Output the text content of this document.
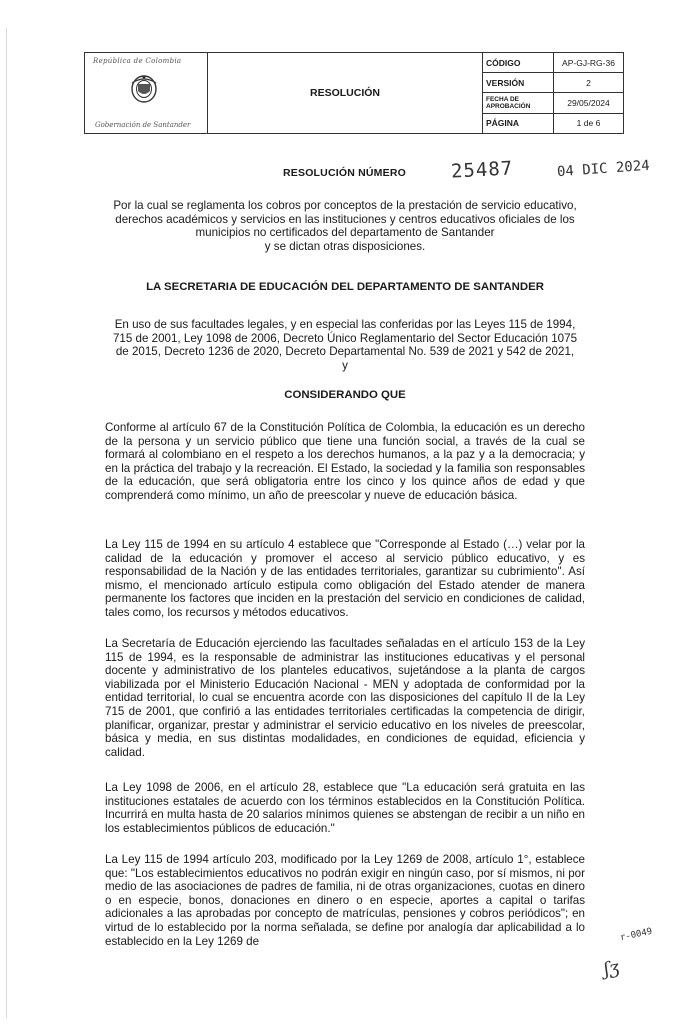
República de Colombia
Gobernación de Santander
RESOLUCIÓN
CÓDIGO	AP-GJ-RG-36
VERSIÓN	2
FECHA DE APROBACIÓN	29/05/2024
PÁGINA	1 de 6
RESOLUCIÓN NÚMERO 25487	04 DIC 2024
Por la cual se reglamenta los cobros por conceptos de la prestación de servicio educativo,
derechos académicos y servicios en las instituciones y centros educativos oficiales de los
municipios no certificados del departamento de Santander
y se dictan otras disposiciones.
LA SECRETARIA DE EDUCACIÓN DEL DEPARTAMENTO DE SANTANDER
En uso de sus facultades legales, y en especial las conferidas por las Leyes 115 de 1994, 715 de 2001, Ley 1098 de 2006, Decreto Único Reglamentario del Sector Educación 1075 de 2015, Decreto 1236 de 2020, Decreto Departamental No. 539 de 2021 y 542 de 2021,
y
CONSIDERANDO QUE
Conforme al artículo 67 de la Constitución Política de Colombia, la educación es un derecho de la persona y un servicio público que tiene una función social, a través de la cual se formará al colombiano en el respeto a los derechos humanos, a la paz y a la democracia; y en la práctica del trabajo y la recreación. El Estado, la sociedad y la familia son responsables de la educación, que será obligatoria entre los cinco y los quince años de edad y que comprenderá como mínimo, un año de preescolar y nueve de educación básica.
La Ley 115 de 1994 en su artículo 4 establece que "Corresponde al Estado (…) velar por la calidad de la educación y promover el acceso al servicio público educativo, y es responsabilidad de la Nación y de las entidades territoriales, garantizar su cubrimiento". Así mismo, el mencionado artículo estipula como obligación del Estado atender de manera permanente los factores que inciden en la prestación del servicio en condiciones de calidad, tales como, los recursos y métodos educativos.
La Secretaría de Educación ejerciendo las facultades señaladas en el artículo 153 de la Ley 115 de 1994, es la responsable de administrar las instituciones educativas y el personal docente y administrativo de los planteles educativos, sujetándose a la planta de cargos viabilizada por el Ministerio Educación Nacional - MEN y adoptada de conformidad por la entidad territorial, lo cual se encuentra acorde con las disposiciones del capítulo II de la Ley 715 de 2001, que confirió a las entidades territoriales certificadas la competencia de dirigir, planificar, organizar, prestar y administrar el servicio educativo en los niveles de preescolar, básica y media, en sus distintas modalidades, en condiciones de equidad, eficiencia y calidad.
La Ley 1098 de 2006, en el artículo 28, establece que "La educación será gratuita en las instituciones estatales de acuerdo con los términos establecidos en la Constitución Política. Incurrirá en multa hasta de 20 salarios mínimos quienes se abstengan de recibir a un niño en los establecimientos públicos de educación."
La Ley 115 de 1994 artículo 203, modificado por la Ley 1269 de 2008, artículo 1°, establece que: "Los establecimientos educativos no podrán exigir en ningún caso, por sí mismos, ni por medio de las asociaciones de padres de familia, ni de otras organizaciones, cuotas en dinero o en especie, bonos, donaciones en dinero o en especie, aportes a capital o tarifas adicionales a las aprobadas por concepto de matrículas, pensiones y cobros periódicos"; en virtud de lo establecido por la norma señalada, se define por analogía dar aplicabilidad a lo establecido en la Ley 1269 de	r-0049
ʃʒ
